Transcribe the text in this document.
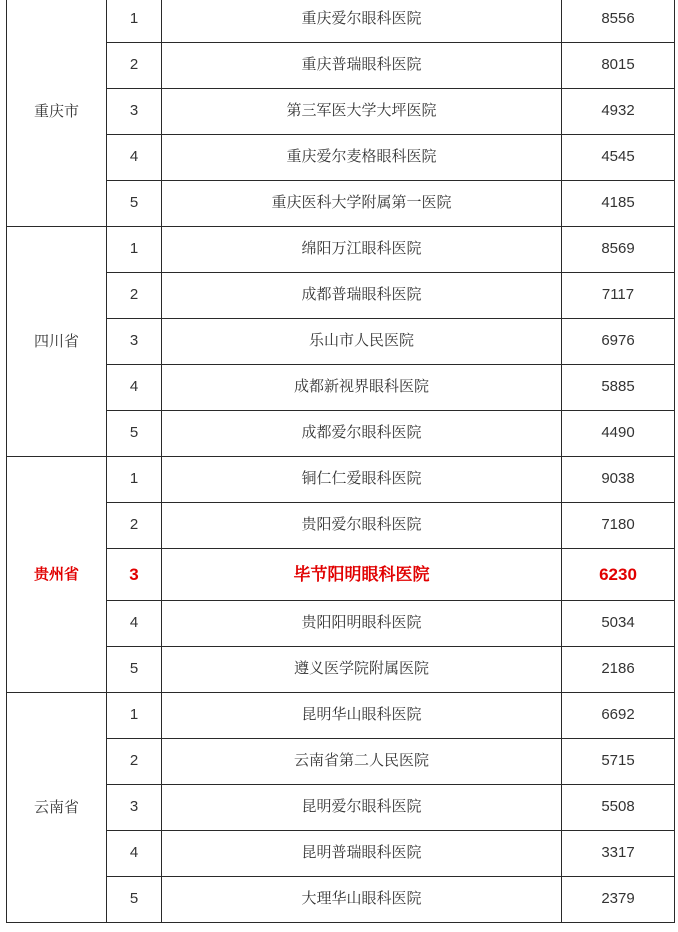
重庆市	1	重庆爱尔眼科医院	8556
	2	重庆普瑞眼科医院	8015
	3	第三军医大学大坪医院	4932
	4	重庆爱尔麦格眼科医院	4545
	5	重庆医科大学附属第一医院	4185
四川省	1	绵阳万江眼科医院	8569
	2	成都普瑞眼科医院	7117
	3	乐山市人民医院	6976
	4	成都新视界眼科医院	5885
	5	成都爱尔眼科医院	4490
贵州省	1	铜仁仁爱眼科医院	9038
	2	贵阳爱尔眼科医院	7180
	3	毕节阳明眼科医院	6230
	4	贵阳阳明眼科医院	5034
	5	遵义医学院附属医院	2186
云南省	1	昆明华山眼科医院	6692
	2	云南省第二人民医院	5715
	3	昆明爱尔眼科医院	5508
	4	昆明普瑞眼科医院	3317
	5	大理华山眼科医院	2379
